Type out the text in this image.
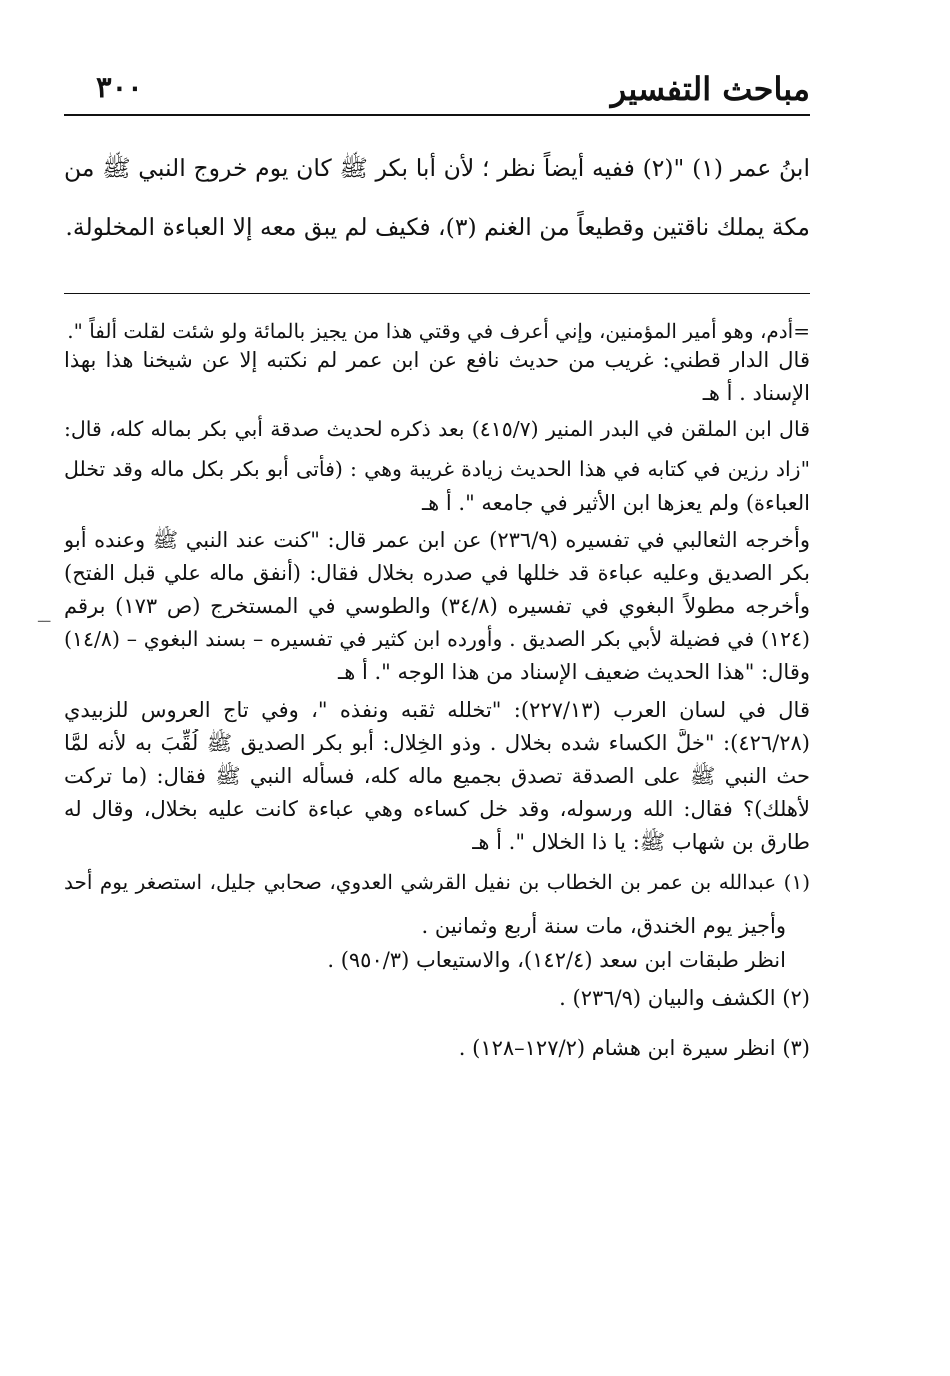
٣٠٠	مباحث التفسير
ابنُ عمر (١) "(٢) ففيه أيضاً نظر ؛ لأن أبا بكر ﷺ كان يوم خروج النبي ﷺ من
مكة يملك ناقتين وقطيعاً من الغنم (٣)، فكيف لم يبق معه إلا العباءة المخلولة.
=أدم، وهو أمير المؤمنين، وإني أعرف في وقتي هذا من يجيز بالمائة ولو شئت لقلت ألفاً ".
قال الدار قطني: غريب من حديث نافع عن ابن عمر لم نكتبه إلا عن شيخنا هذا بهذا
الإسناد . أ هـ
قال ابن الملقن في البدر المنير (٤١٥/٧) بعد ذكره لحديث صدقة أبي بكر بماله كله، قال:
"زاد رزين في كتابه في هذا الحديث زيادة غريبة وهي : (فأتى أبو بكر بكل ماله وقد تخلل
العباءة) ولم يعزها ابن الأثير في جامعه ". أ هـ
وأخرجه الثعالبي في تفسيره (٢٣٦/٩) عن ابن عمر قال: "كنت عند النبي ﷺ وعنده أبو
بكر الصديق وعليه عباءة قد خللها في صدره بخلال فقال: (أنفق ماله علي قبل الفتح)
وأخرجه مطولاً البغوي في تفسيره (٣٤/٨) والطوسي في المستخرج (ص ١٧٣) برقم
(١٢٤) في فضيلة لأبي بكر الصديق . وأورده ابن كثير في تفسيره – بسند البغوي – (١٤/٨)
وقال: "هذا الحديث ضعيف الإسناد من هذا الوجه ". أ هـ
قال في لسان العرب (٢٢٧/١٣): "تخلله ثقبه ونفذه "، وفي تاج العروس للزبيدي
(٤٢٦/٢٨): "خلَّ الكساء شده بخلال . وذو الخِلال: أبو بكر الصديق ﷺ لُقِّبَ به لأنه لمَّا
حث النبي ﷺ على الصدقة تصدق بجميع ماله كله، فسأله النبي ﷺ فقال: (ما تركت
لأهلك)؟ فقال: الله ورسوله، وقد خل كساءه وهي عباءة كانت عليه بخلال، وقال له
طارق بن شهاب ﷺ: يا ذا الخلال ". أ هـ
(١) عبدالله بن عمر بن الخطاب بن نفيل القرشي العدوي، صحابي جليل، استصغر يوم أحد
وأجيز يوم الخندق، مات سنة أربع وثمانين .
انظر طبقات ابن سعد (١٤٢/٤)، والاستيعاب (٩٥٠/٣) .
(٢) الكشف والبيان (٢٣٦/٩) .
(٣) انظر سيرة ابن هشام (١٢٧/٢–١٢٨) .
ـــ
